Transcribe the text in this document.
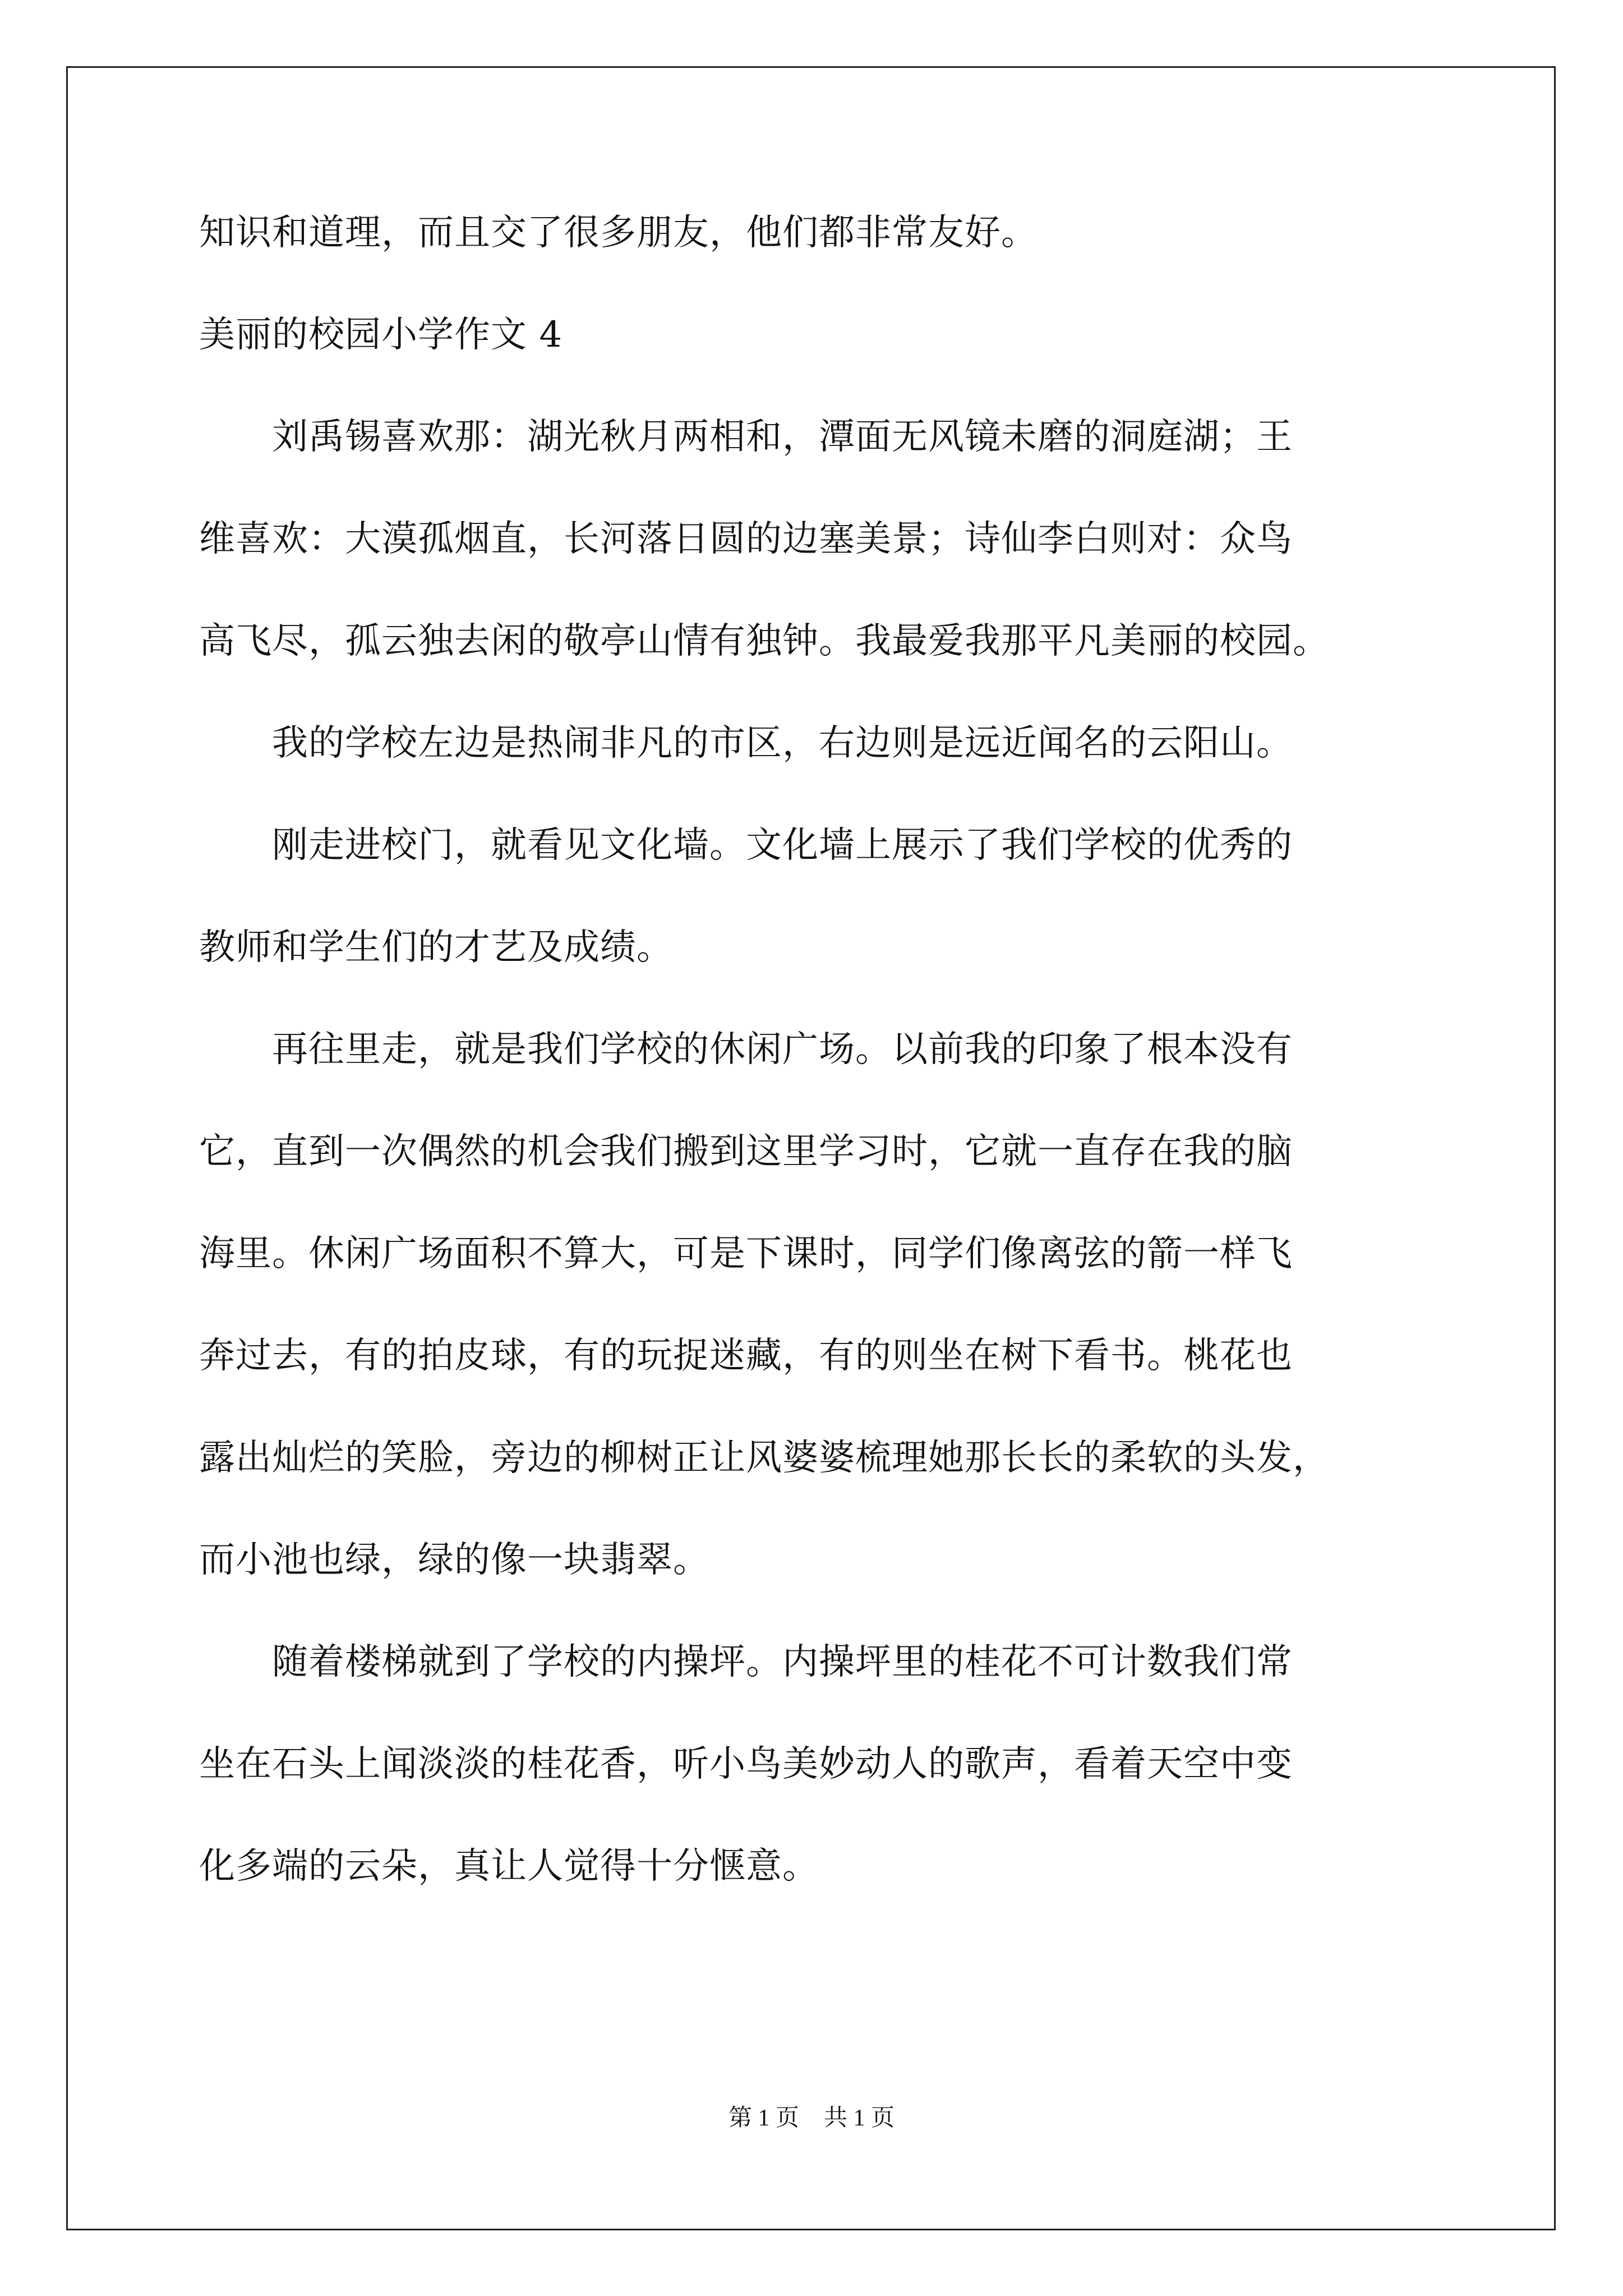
知识和道理，而且交了很多朋友，他们都非常友好。
美丽的校园小学作文 4
　　刘禹锡喜欢那：湖光秋月两相和，潭面无风镜未磨的洞庭湖；王
维喜欢：大漠孤烟直，长河落日圆的边塞美景；诗仙李白则对：众鸟
高飞尽，孤云独去闲的敬亭山情有独钟。我最爱我那平凡美丽的校园。
　　我的学校左边是热闹非凡的市区，右边则是远近闻名的云阳山。
　　刚走进校门，就看见文化墙。文化墙上展示了我们学校的优秀的
教师和学生们的才艺及成绩。
　　再往里走，就是我们学校的休闲广场。以前我的印象了根本没有
它，直到一次偶然的机会我们搬到这里学习时，它就一直存在我的脑
海里。休闲广场面积不算大，可是下课时，同学们像离弦的箭一样飞
奔过去，有的拍皮球，有的玩捉迷藏，有的则坐在树下看书。桃花也
露出灿烂的笑脸，旁边的柳树正让风婆婆梳理她那长长的柔软的头发，
而小池也绿，绿的像一块翡翠。
　　随着楼梯就到了学校的内操坪。内操坪里的桂花不可计数我们常
坐在石头上闻淡淡的桂花香，听小鸟美妙动人的歌声，看着天空中变
化多端的云朵，真让人觉得十分惬意。
第 1 页 共 1 页
